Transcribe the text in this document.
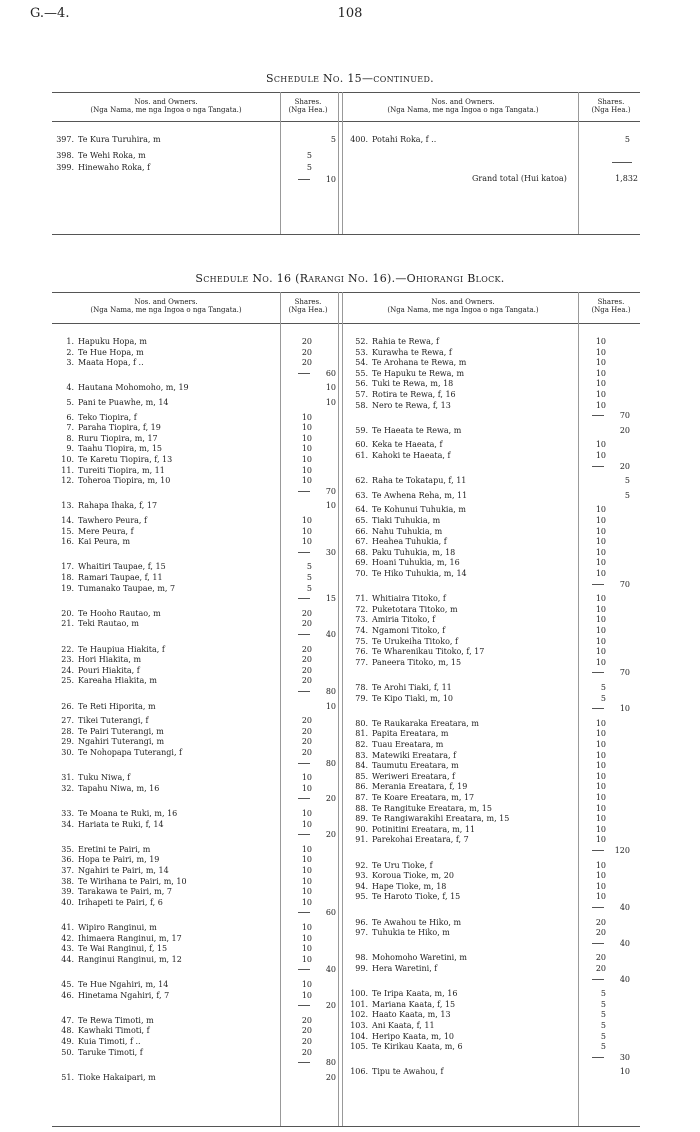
G.—4.	108
Schedule No. 15—continued.
Nos. and Owners.
(Nga Nama, me nga Ingoa o nga Tangata.)
Shares.
(Nga Hea.)
Nos. and Owners.
(Nga Nama, me nga Ingoa o nga Tangata.)
Shares.
(Nga Hea.)
397. Te Kura Turuhira, m	5
398. Te Wehi Roka, m	5
399. Hinewaho Roka, f	5
10
400. Potahi Roka, f ..	5
Grand total (Hui katoa)	1,832
Schedule No. 16 (Rarangi No. 16).—Ohiorangi Block.
Nos. and Owners.
(Nga Nama, me nga Ingoa o nga Tangata.)
Shares.
(Nga Hea.)
Nos. and Owners.
(Nga Nama, me nga Ingoa o nga Tangata.)
Shares.
(Nga Hea.)
1. Hapuku Hopa, m	20
2. Te Hue Hopa, m	20
3. Maata Hopa, f ..	20
60
4. Hautana Mohomoho, m, 19	10
5. Pani te Puawhe, m, 14	10
6. Teko Tiopira, f	10
7. Paraha Tiopira, f, 19	10
8. Ruru Tiopira, m, 17	10
9. Taahu Tiopira, m, 15	10
10. Te Karetu Tiopira, f, 13	10
11. Tureiti Tiopira, m, 11	10
12. Toheroa Tiopira, m, 10	10
70
13. Rahapa Ihaka, f, 17	10
14. Tawhero Peura, f	10
15. Mere Peura, f	10
16. Kai Peura, m	10
30
17. Whaitiri Taupae, f, 15	5
18. Ramari Taupae, f, 11	5
19. Tumanako Taupae, m, 7	5
15
20. Te Hooho Rautao, m	20
21. Teki Rautao, m	20
40
22. Te Haupiua Hiakita, f	20
23. Hori Hiakita, m	20
24. Pouri Hiakita, f	20
25. Kareaha Hiakita, m	20
80
26. Te Reti Hiporita, m	10
27. Tikei Tuterangi, f	20
28. Te Pairi Tuterangi, m	20
29. Ngahiri Tuterangi, m	20
30. Te Nohopapa Tuterangi, f	20
80
31. Tuku Niwa, f	10
32. Tapahu Niwa, m, 16	10
20
33. Te Moana te Ruki, m, 16	10
34. Hariata te Ruki, f, 14	10
20
35. Eretini te Pairi, m	10
36. Hopa te Pairi, m, 19	10
37. Ngahiri te Pairi, m, 14	10
38. Te Wirihana te Pairi, m, 10	10
39. Tarakawa te Pairi, m, 7	10
40. Irihapeti te Pairi, f, 6	10
60
41. Wipiro Ranginui, m	10
42. Ihimaera Ranginui, m, 17	10
43. Te Wai Ranginui, f, 15	10
44. Ranginui Ranginui, m, 12	10
40
45. Te Hue Ngahiri, m, 14	10
46. Hinetama Ngahiri, f, 7	10
20
47. Te Rewa Timoti, m	20
48. Kawhaki Timoti, f	20
49. Kuia Timoti, f ..	20
50. Taruke Timoti, f	20
80
51. Tioke Hakaipari, m	20
52. Rahia te Rewa, f	10
53. Kurawha te Rewa, f	10
54. Te Arohana te Rewa, m	10
55. Te Hapuku te Rewa, m	10
56. Tuki te Rewa, m, 18	10
57. Rotira te Rewa, f, 16	10
58. Nero te Rewa, f, 13	10
70
59. Te Haeata te Rewa, m	20
60. Keka te Haeata, f	10
61. Kahoki te Haeata, f	10
20
62. Raha te Tokatapu, f, 11	5
63. Te Awhena Reha, m, 11	5
64. Te Kohunui Tuhukia, m	10
65. Tiaki Tuhukia, m	10
66. Nahu Tuhukia, m	10
67. Heahea Tuhukia, f	10
68. Paku Tuhukia, m, 18	10
69. Hoani Tuhukia, m, 16	10
70. Te Hiko Tuhukia, m, 14	10
70
71. Whitiaira Titoko, f	10
72. Puketotara Titoko, m	10
73. Amiria Titoko, f	10
74. Ngamoni Titoko, f	10
75. Te Urukeiha Titoko, f	10
76. Te Wharenikau Titoko, f, 17	10
77. Paneera Titoko, m, 15	10
70
78. Te Arohi Tiaki, f, 11	5
79. Te Kipo Tiaki, m, 10	5
10
80. Te Raukaraka Ereatara, m	10
81. Papita Ereatara, m	10
82. Tuau Ereatara, m	10
83. Matewiki Ereatara, f	10
84. Taumutu Ereatara, m	10
85. Weriweri Ereatara, f	10
86. Merania Ereatara, f, 19	10
87. Te Koare Ereatara, m, 17	10
88. Te Rangituke Ereatara, m, 15	10
89. Te Rangiwarakihi Ereatara, m, 15	10
90. Potinitini Ereatara, m, 11	10
91. Parekohai Ereatara, f, 7	10
120
92. Te Uru Tioke, f	10
93. Koroua Tioke, m, 20	10
94. Hape Tioke, m, 18	10
95. Te Haroto Tioke, f, 15	10
40
96. Te Awahou te Hiko, m	20
97. Tuhukia te Hiko, m	20
40
98. Mohomoho Waretini, m	20
99. Hera Waretini, f	20
40
100. Te Iripa Kaata, m, 16	5
101. Mariana Kaata, f, 15	5
102. Haato Kaata, m, 13	5
103. Ani Kaata, f, 11	5
104. Heripo Kaata, m, 10	5
105. Te Kirikau Kaata, m, 6	5
30
106. Tipu te Awahou, f	10
